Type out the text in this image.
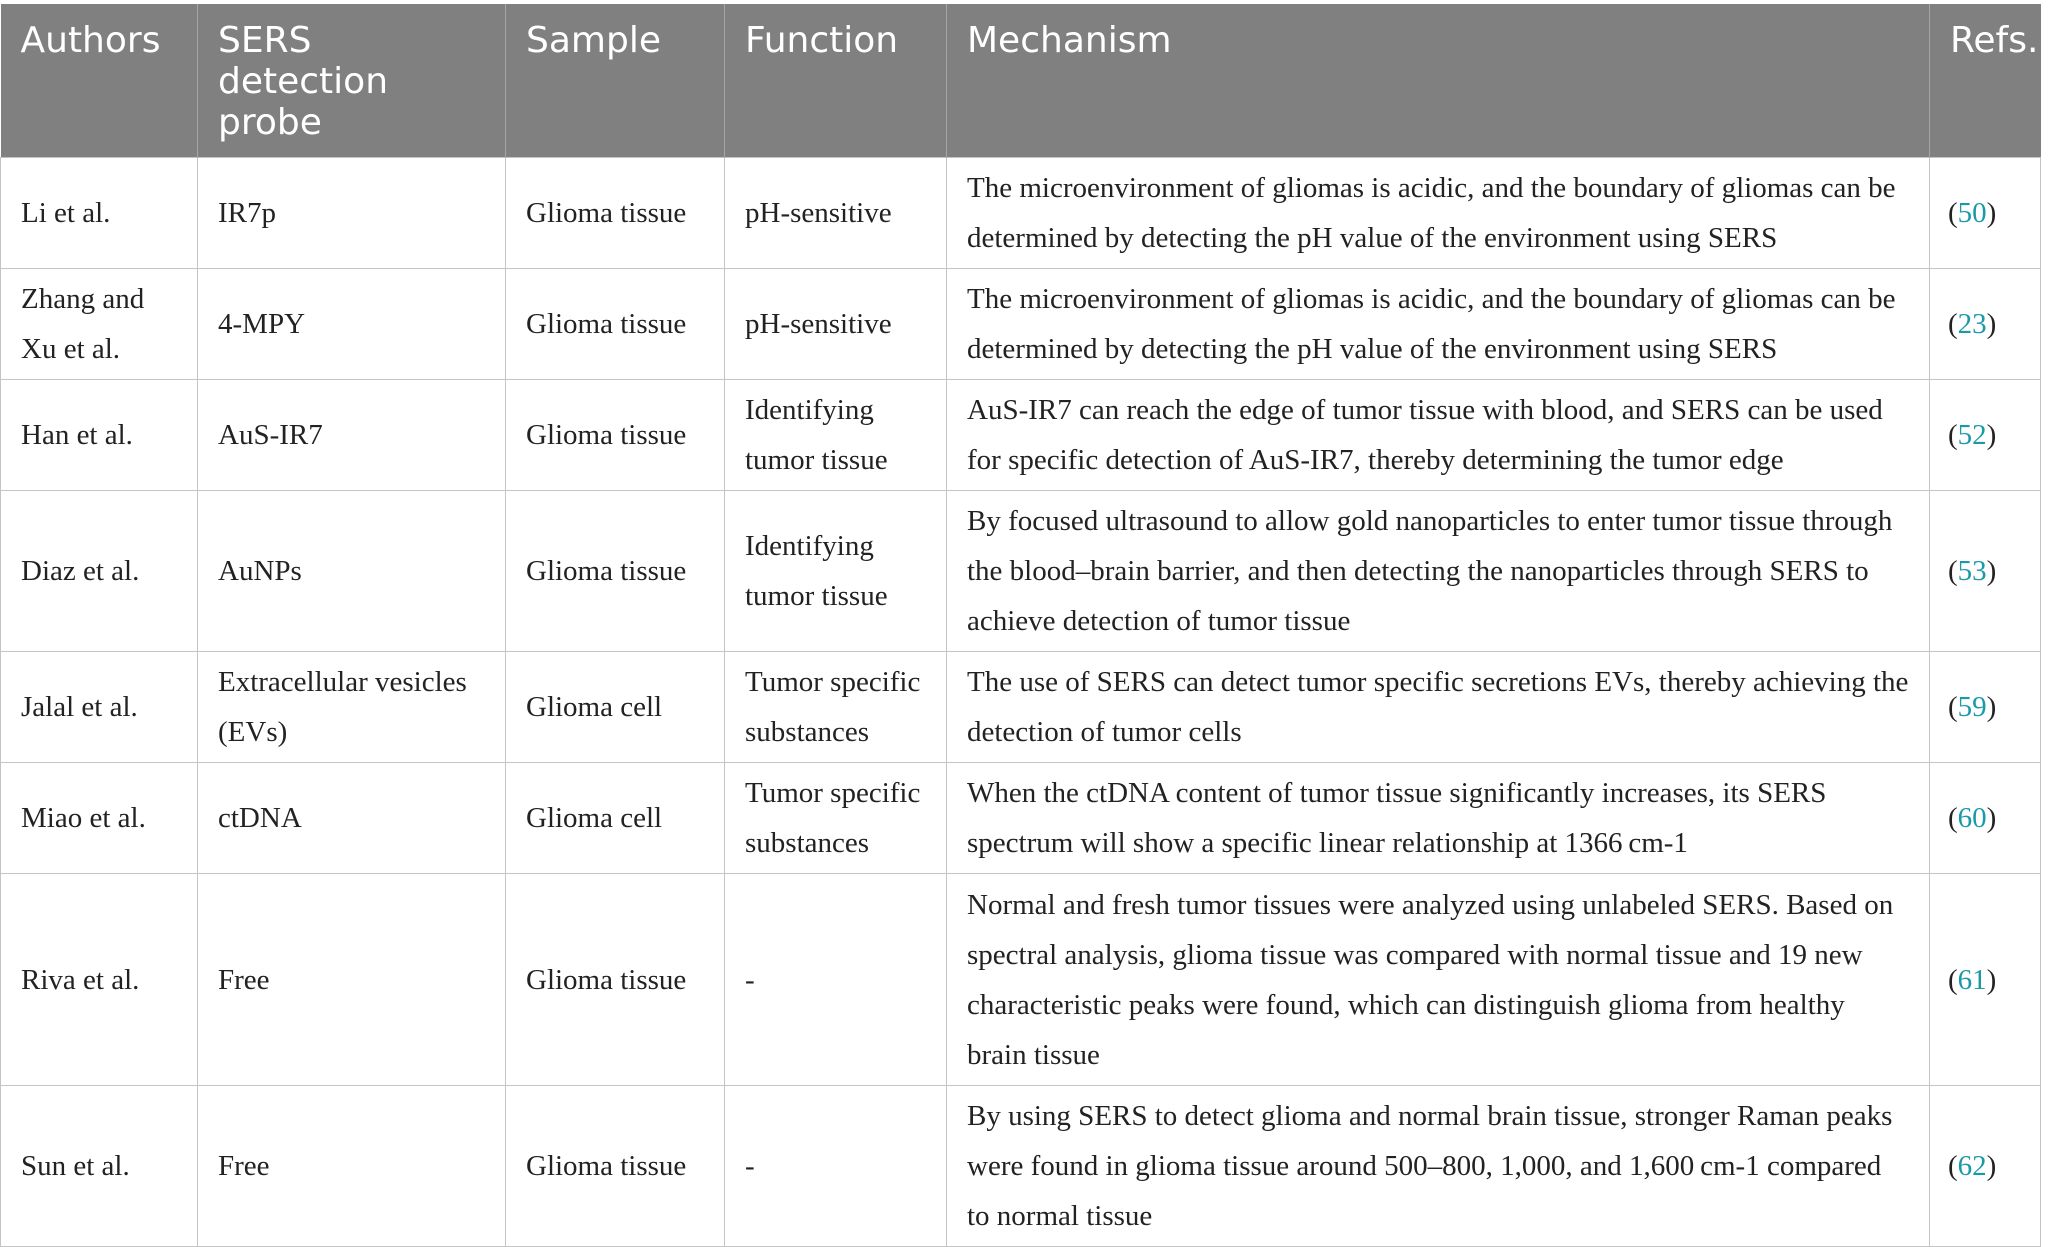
Authors	SERS detection probe	Sample	Function	Mechanism	Refs.
Li et al.	IR7p	Glioma tissue	pH-sensitive	The microenvironment of gliomas is acidic, and the boundary of gliomas can be determined by detecting the pH value of the environment using SERS	(50)
Zhang and Xu et al.	4-MPY	Glioma tissue	pH-sensitive	The microenvironment of gliomas is acidic, and the boundary of gliomas can be determined by detecting the pH value of the environment using SERS	(23)
Han et al.	AuS-IR7	Glioma tissue	Identifying tumor tissue	AuS-IR7 can reach the edge of tumor tissue with blood, and SERS can be used for specific detection of AuS-IR7, thereby determining the tumor edge	(52)
Diaz et al.	AuNPs	Glioma tissue	Identifying tumor tissue	By focused ultrasound to allow gold nanoparticles to enter tumor tissue through the blood–brain barrier, and then detecting the nanoparticles through SERS to achieve detection of tumor tissue	(53)
Jalal et al.	Extracellular vesicles (EVs)	Glioma cell	Tumor specific substances	The use of SERS can detect tumor specific secretions EVs, thereby achieving the detection of tumor cells	(59)
Miao et al.	ctDNA	Glioma cell	Tumor specific substances	When the ctDNA content of tumor tissue significantly increases, its SERS spectrum will show a specific linear relationship at 1366 cm-1	(60)
Riva et al.	Free	Glioma tissue	-	Normal and fresh tumor tissues were analyzed using unlabeled SERS. Based on spectral analysis, glioma tissue was compared with normal tissue and 19 new characteristic peaks were found, which can distinguish glioma from healthy brain tissue	(61)
Sun et al.	Free	Glioma tissue	-	By using SERS to detect glioma and normal brain tissue, stronger Raman peaks were found in glioma tissue around 500–800, 1,000, and 1,600 cm-1 compared to normal tissue	(62)
